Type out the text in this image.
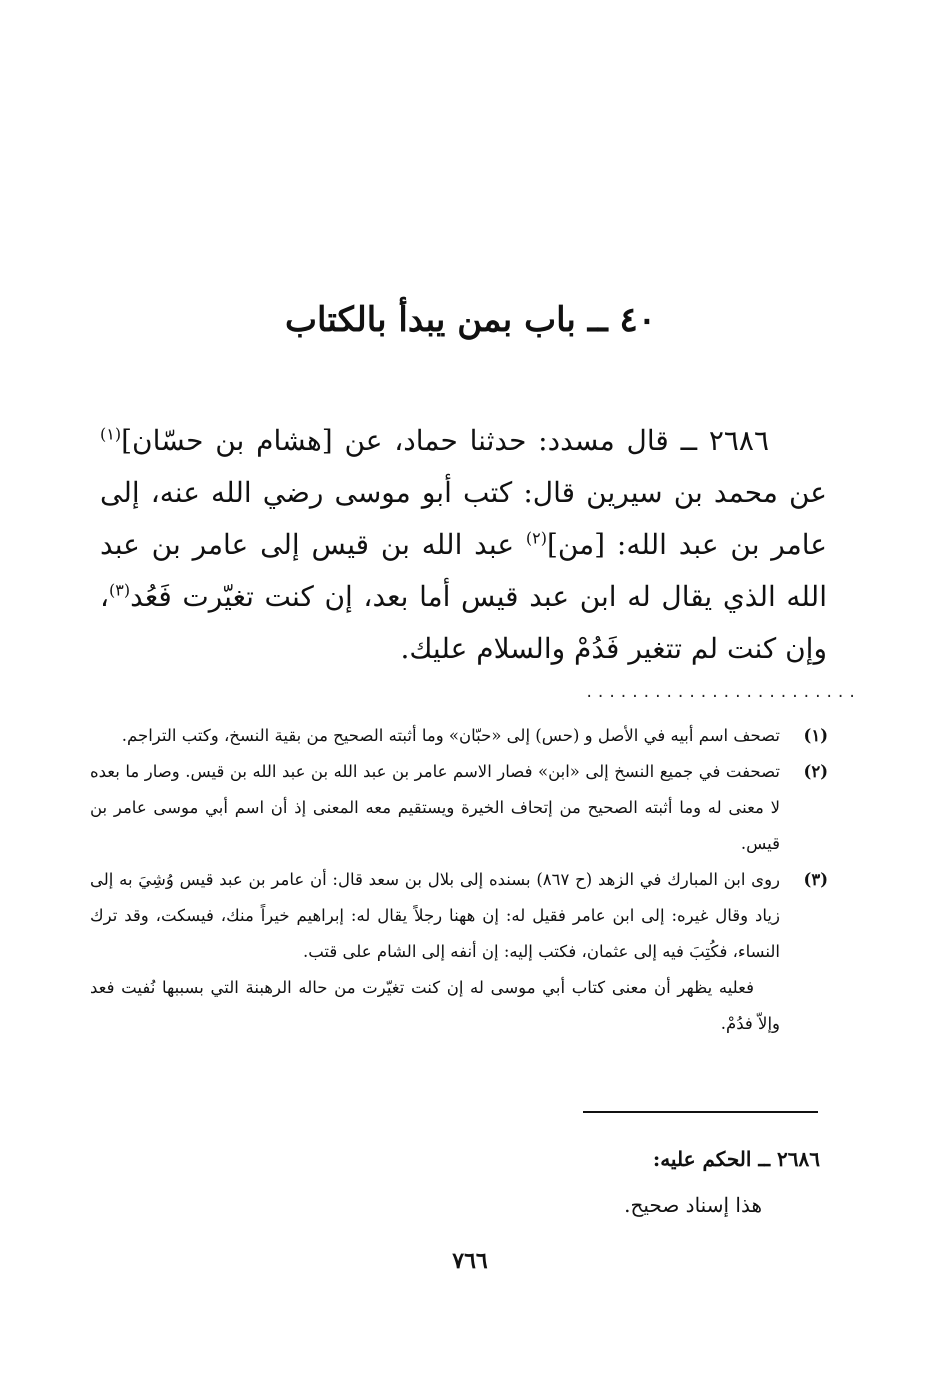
٤٠ ــ باب بمن يبدأ بالكتاب

٢٦٨٦ ــ قال مسدد: حدثنا حماد، عن [هشام بن حسّان]$^{(١)}$ عن محمد بن سيرين قال: كتب أبو موسى رضي الله عنه، إلى عامر بن عبد الله: [من]$^{(٢)}$ عبد الله بن قيس إلى عامر بن عبد الله الذي يقال له ابن عبد قيس أما بعد، إن كنت تغيّرت فَعُد$^{(٣)}$، وإن كنت لم تتغير فَدُمْ والسلام عليك.

........................
(١)
تصحف اسم أبيه في الأصل و (حس) إلى «حبّان» وما أثبته الصحيح من بقية النسخ، وكتب التراجم.
(٢)
تصحفت في جميع النسخ إلى «ابن» فصار الاسم عامر بن عبد الله بن عبد الله بن قيس. وصار ما بعده لا معنى له وما أثبته الصحيح من إتحاف الخيرة ويستقيم معه المعنى إذ أن اسم أبي موسى عامر بن قيس.
(٣)
روى ابن المبارك في الزهد (ح ٨٦٧) بسنده إلى بلال بن سعد قال: أن عامر بن عبد قيس وُشِيَ به إلى زياد وقال غيره: إلى ابن عامر فقيل له: إن ههنا رجلاً يقال له: إبراهيم خيراً منك، فيسكت، وقد ترك النساء، فكُتِبَ فيه إلى عثمان، فكتب إليه: إن أنفه إلى الشام على قتب.
فعليه يظهر أن معنى كتاب أبي موسى له إن كنت تغيّرت من حاله الرهبنة التي بسببها نُفيت فعد وإلاّ فدُمْ.

٢٦٨٦ ــ الحكم عليه:

هذا إسناد صحيح.

٧٦٦
